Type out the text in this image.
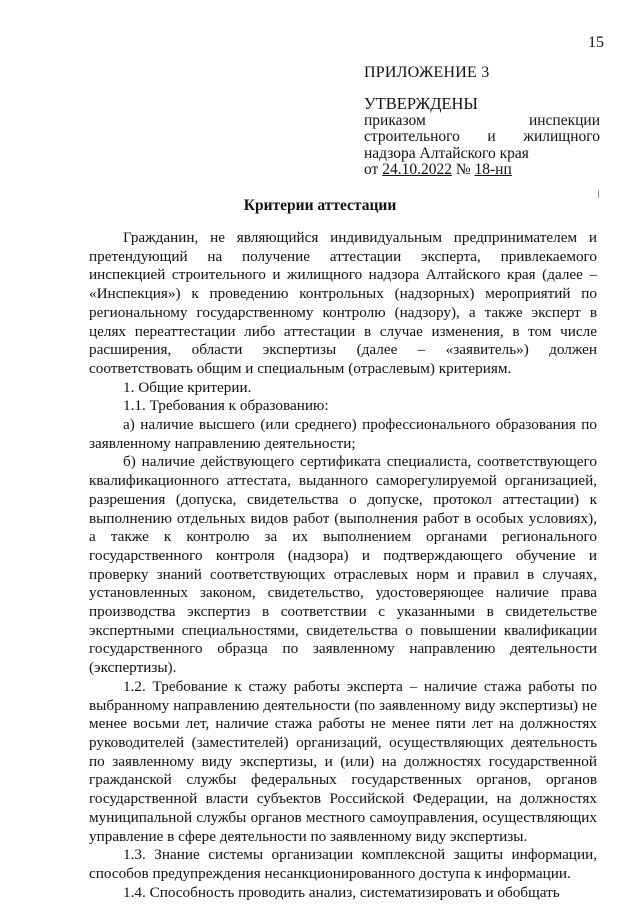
15
ПРИЛОЖЕНИЕ 3
УТВЕРЖДЕНЫ
приказом	инспекции
строительного и жилищного
надзора Алтайского края
от 24.10.2022 № 18-нп
Критерии аттестации

Гражданин, не являющийся индивидуальным предпринимателем и претендующий на получение аттестации эксперта, привлекаемого инспекцией строительного и жилищного надзора Алтайского края (далее – «Инспекция») к проведению контрольных (надзорных) мероприятий по региональному государственному контролю (надзору), а также эксперт в целях переаттестации либо аттестации в случае изменения, в том числе расширения, области экспертизы (далее – «заявитель») должен соответствовать общим и специальным (отраслевым) критериям.

1. Общие критерии.

1.1. Требования к образованию:

а) наличие высшего (или среднего) профессионального образования по заявленному направлению деятельности;

б) наличие действующего сертификата специалиста, соответствующего квалификационного аттестата, выданного саморегулируемой организацией, разрешения (допуска, свидетельства о допуске, протокол аттестации) к выполнению отдельных видов работ (выполнения работ в особых условиях), а также к контролю за их выполнением органами регионального государственного контроля (надзора) и подтверждающего обучение и проверку знаний соответствующих отраслевых норм и правил в случаях, установленных законом, свидетельство, удостоверяющее наличие права производства экспертиз в соответствии с указанными в свидетельстве экспертными специальностями, свидетельства о повышении квалификации государственного образца по заявленному направлению деятельности (экспертизы).

1.2. Требование к стажу работы эксперта – наличие стажа работы по выбранному направлению деятельности (по заявленному виду экспертизы) не менее восьми лет, наличие стажа работы не менее пяти лет на должностях руководителей (заместителей) организаций, осуществляющих деятельность по заявленному виду экспертизы, и (или) на должностях государственной гражданской службы федеральных государственных органов, органов государственной власти субъектов Российской Федерации, на должностях муниципальной службы органов местного самоуправления, осуществляющих управление в сфере деятельности по заявленному виду экспертизы.

1.3. Знание системы организации комплексной защиты информации, способов предупреждения несанкционированного доступа к информации.

1.4. Способность проводить анализ, систематизировать и обобщать
